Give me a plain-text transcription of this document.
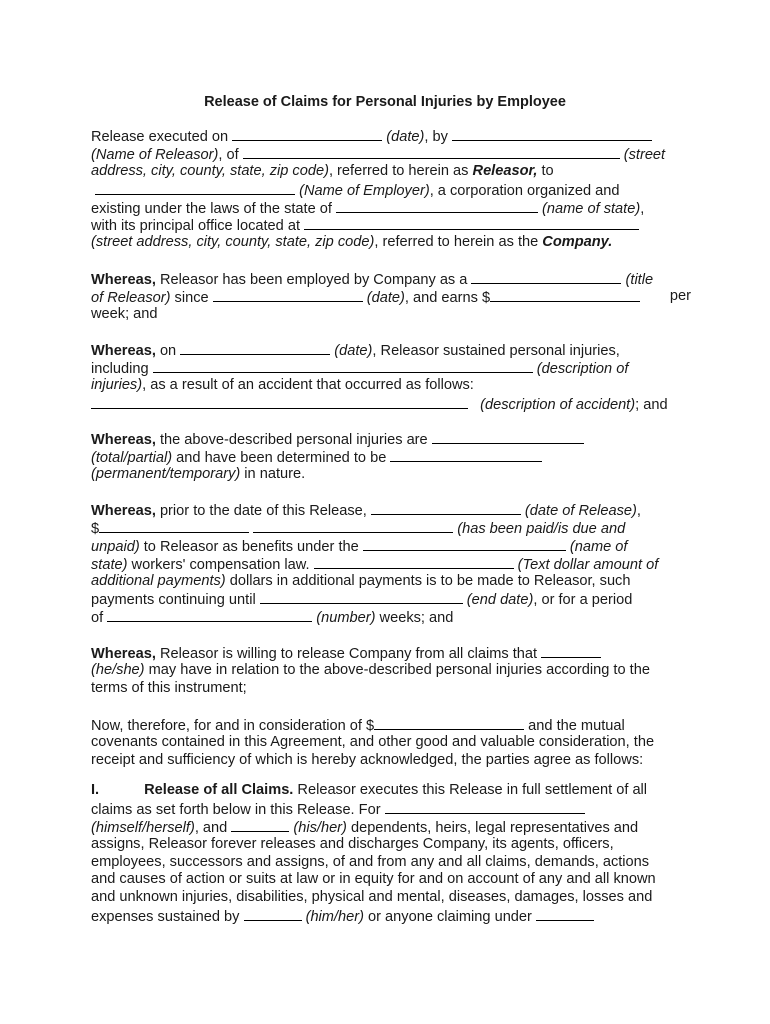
Release of Claims for Personal Injuries by Employee
Release executed on	(date), by
(Name of Releasor), of	(street
address, city, county, state, zip code), referred to herein as Releasor, to
(Name of Employer), a corporation organized and
existing under the laws of the state of	(name of state),
with its principal office located at
(street address, city, county, state, zip code), referred to herein as the Company.
Whereas, Releasor has been employed by Company as a	(title
of Releasor) since	(date), and earns $	per
week; and
Whereas, on	(date), Releasor sustained personal injuries,
including	(description of
injuries), as a result of an accident that occurred as follows:
(description of accident); and
Whereas, the above-described personal injuries are
(total/partial) and have been determined to be
(permanent/temporary) in nature.
Whereas, prior to the date of this Release,	(date of Release),
$	(has been paid/is due and
unpaid) to Releasor as benefits under the	(name of
state) workers' compensation law.	(Text dollar amount of
additional payments) dollars in additional payments is to be made to Releasor, such
payments continuing until	(end date), or for a period
of	(number) weeks; and
Whereas, Releasor is willing to release Company from all claims that
(he/she) may have in relation to the above-described personal injuries according to the
terms of this instrument;
Now, therefore, for and in consideration of $	and the mutual
covenants contained in this Agreement, and other good and valuable consideration, the
receipt and sufficiency of which is hereby acknowledged, the parties agree as follows:
I.	Release of all Claims. Releasor executes this Release in full settlement of all
claims as set forth below in this Release. For
(himself/herself), and	(his/her) dependents, heirs, legal representatives and
assigns, Releasor forever releases and discharges Company, its agents, officers,
employees, successors and assigns, of and from any and all claims, demands, actions
and causes of action or suits at law or in equity for and on account of any and all known
and unknown injuries, disabilities, physical and mental, diseases, damages, losses and
expenses sustained by	(him/her) or anyone claiming under
